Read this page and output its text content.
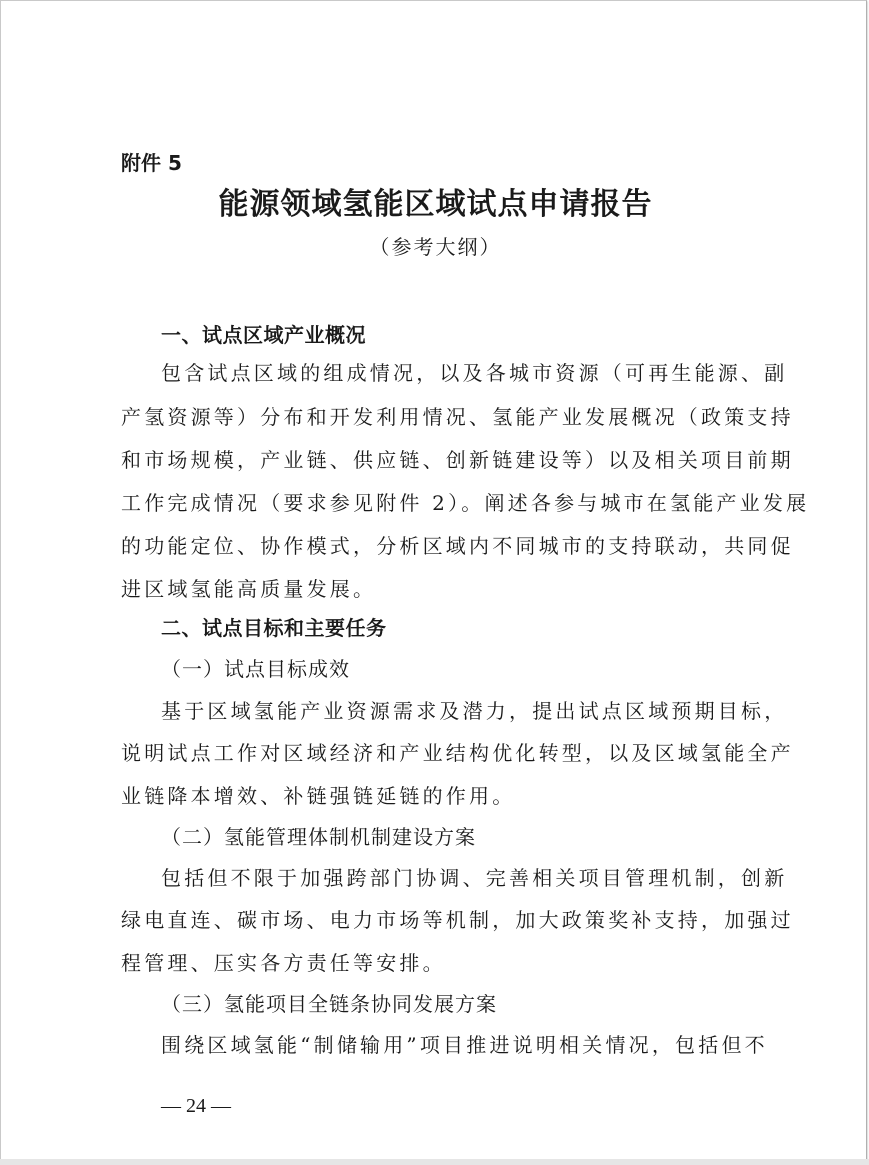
附件 5
能源领域氢能区域试点申请报告
（参考大纲）
一、试点区域产业概况
包含试点区域的组成情况，以及各城市资源（可再生能源、副
产氢资源等）分布和开发利用情况、氢能产业发展概况（政策支持
和市场规模，产业链、供应链、创新链建设等）以及相关项目前期
工作完成情况（要求参见附件 2）。阐述各参与城市在氢能产业发展
的功能定位、协作模式，分析区域内不同城市的支持联动，共同促
进区域氢能高质量发展。
二、试点目标和主要任务
（一）试点目标成效
基于区域氢能产业资源需求及潜力，提出试点区域预期目标，
说明试点工作对区域经济和产业结构优化转型，以及区域氢能全产
业链降本增效、补链强链延链的作用。
（二）氢能管理体制机制建设方案
包括但不限于加强跨部门协调、完善相关项目管理机制，创新
绿电直连、碳市场、电力市场等机制，加大政策奖补支持，加强过
程管理、压实各方责任等安排。
（三）氢能项目全链条协同发展方案
围绕区域氢能“制储输用”项目推进说明相关情况，包括但不
— 24 —
